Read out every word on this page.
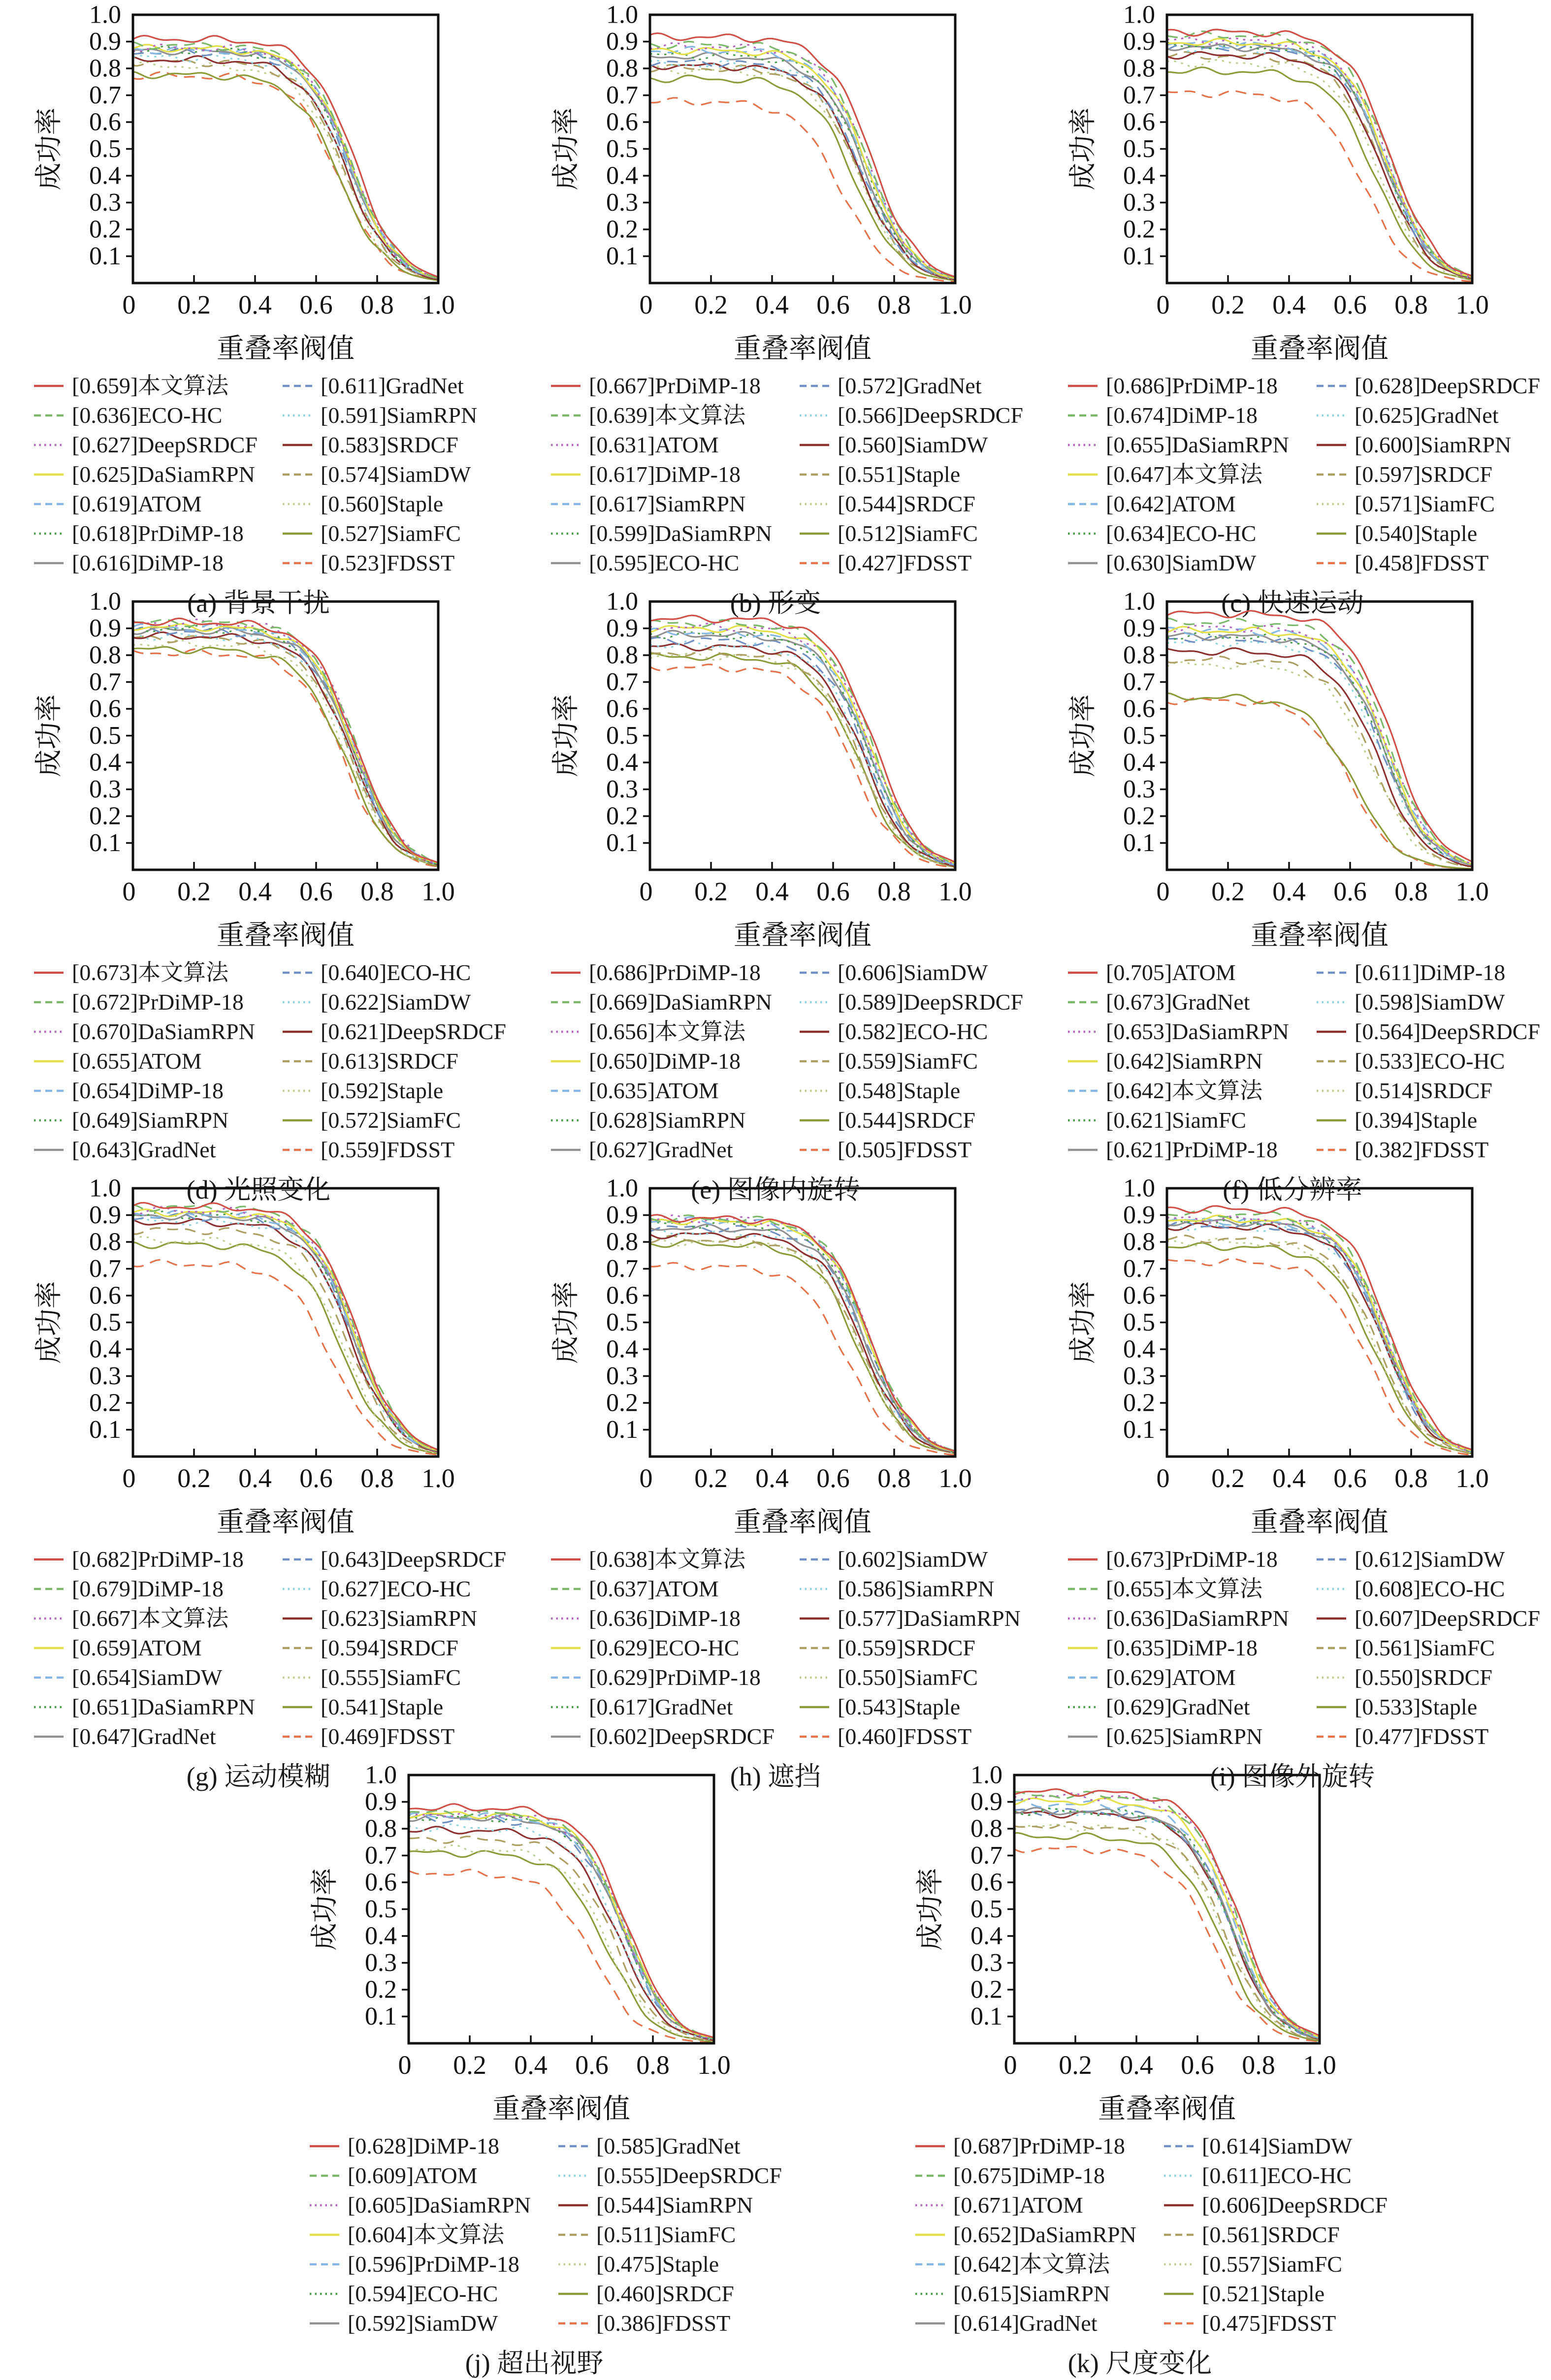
0.1
0.2
0.3
0.4
0.5
0.6
0.7
0.8
0.9
1.0
0 0.2 0.4 0.6 0.8 1.0
成功率
重叠率阀值
[0.659]本文算法
[0.636]ECO-HC
[0.627]DeepSRDCF
[0.625]DaSiamRPN
[0.619]ATOM
[0.618]PrDiMP-18
[0.616]DiMP-18
[0.611]GradNet
[0.591]SiamRPN
[0.583]SRDCF
[0.574]SiamDW
[0.560]Staple
[0.527]SiamFC
[0.523]FDSST
(a) 背景干扰
0.1
0.2
0.3
0.4
0.5
0.6
0.7
0.8
0.9
1.0
0 0.2 0.4 0.6 0.8 1.0
成功率
重叠率阀值
[0.667]PrDiMP-18
[0.639]本文算法
[0.631]ATOM
[0.617]DiMP-18
[0.617]SiamRPN
[0.599]DaSiamRPN
[0.595]ECO-HC
[0.572]GradNet
[0.566]DeepSRDCF
[0.560]SiamDW
[0.551]Staple
[0.544]SRDCF
[0.512]SiamFC
[0.427]FDSST
(b) 形变
0.1
0.2
0.3
0.4
0.5
0.6
0.7
0.8
0.9
1.0
0 0.2 0.4 0.6 0.8 1.0
成功率
重叠率阀值
[0.686]PrDiMP-18
[0.674]DiMP-18
[0.655]DaSiamRPN
[0.647]本文算法
[0.642]ATOM
[0.634]ECO-HC
[0.630]SiamDW
[0.628]DeepSRDCF
[0.625]GradNet
[0.600]SiamRPN
[0.597]SRDCF
[0.571]SiamFC
[0.540]Staple
[0.458]FDSST
(c) 快速运动
0.1
0.2
0.3
0.4
0.5
0.6
0.7
0.8
0.9
1.0
0 0.2 0.4 0.6 0.8 1.0
成功率
重叠率阀值
[0.673]本文算法
[0.672]PrDiMP-18
[0.670]DaSiamRPN
[0.655]ATOM
[0.654]DiMP-18
[0.649]SiamRPN
[0.643]GradNet
[0.640]ECO-HC
[0.622]SiamDW
[0.621]DeepSRDCF
[0.613]SRDCF
[0.592]Staple
[0.572]SiamFC
[0.559]FDSST
(d) 光照变化
0.1
0.2
0.3
0.4
0.5
0.6
0.7
0.8
0.9
1.0
0 0.2 0.4 0.6 0.8 1.0
成功率
重叠率阀值
[0.686]PrDiMP-18
[0.669]DaSiamRPN
[0.656]本文算法
[0.650]DiMP-18
[0.635]ATOM
[0.628]SiamRPN
[0.627]GradNet
[0.606]SiamDW
[0.589]DeepSRDCF
[0.582]ECO-HC
[0.559]SiamFC
[0.548]Staple
[0.544]SRDCF
[0.505]FDSST
(e) 图像内旋转
0.1
0.2
0.3
0.4
0.5
0.6
0.7
0.8
0.9
1.0
0 0.2 0.4 0.6 0.8 1.0
成功率
重叠率阀值
[0.705]ATOM
[0.673]GradNet
[0.653]DaSiamRPN
[0.642]SiamRPN
[0.642]本文算法
[0.621]SiamFC
[0.621]PrDiMP-18
[0.611]DiMP-18
[0.598]SiamDW
[0.564]DeepSRDCF
[0.533]ECO-HC
[0.514]SRDCF
[0.394]Staple
[0.382]FDSST
(f) 低分辨率
0.1
0.2
0.3
0.4
0.5
0.6
0.7
0.8
0.9
1.0
0 0.2 0.4 0.6 0.8 1.0
成功率
重叠率阀值
[0.682]PrDiMP-18
[0.679]DiMP-18
[0.667]本文算法
[0.659]ATOM
[0.654]SiamDW
[0.651]DaSiamRPN
[0.647]GradNet
[0.643]DeepSRDCF
[0.627]ECO-HC
[0.623]SiamRPN
[0.594]SRDCF
[0.555]SiamFC
[0.541]Staple
[0.469]FDSST
(g) 运动模糊
0.1
0.2
0.3
0.4
0.5
0.6
0.7
0.8
0.9
1.0
0 0.2 0.4 0.6 0.8 1.0
成功率
重叠率阀值
[0.638]本文算法
[0.637]ATOM
[0.636]DiMP-18
[0.629]ECO-HC
[0.629]PrDiMP-18
[0.617]GradNet
[0.602]DeepSRDCF
[0.602]SiamDW
[0.586]SiamRPN
[0.577]DaSiamRPN
[0.559]SRDCF
[0.550]SiamFC
[0.543]Staple
[0.460]FDSST
(h) 遮挡
0.1
0.2
0.3
0.4
0.5
0.6
0.7
0.8
0.9
1.0
0 0.2 0.4 0.6 0.8 1.0
成功率
重叠率阀值
[0.673]PrDiMP-18
[0.655]本文算法
[0.636]DaSiamRPN
[0.635]DiMP-18
[0.629]ATOM
[0.629]GradNet
[0.625]SiamRPN
[0.612]SiamDW
[0.608]ECO-HC
[0.607]DeepSRDCF
[0.561]SiamFC
[0.550]SRDCF
[0.533]Staple
[0.477]FDSST
(i) 图像外旋转
0.1
0.2
0.3
0.4
0.5
0.6
0.7
0.8
0.9
1.0
0 0.2 0.4 0.6 0.8 1.0
成功率
重叠率阀值
[0.628]DiMP-18
[0.609]ATOM
[0.605]DaSiamRPN
[0.604]本文算法
[0.596]PrDiMP-18
[0.594]ECO-HC
[0.592]SiamDW
[0.585]GradNet
[0.555]DeepSRDCF
[0.544]SiamRPN
[0.511]SiamFC
[0.475]Staple
[0.460]SRDCF
[0.386]FDSST
(j) 超出视野
0.1
0.2
0.3
0.4
0.5
0.6
0.7
0.8
0.9
1.0
0 0.2 0.4 0.6 0.8 1.0
成功率
重叠率阀值
[0.687]PrDiMP-18
[0.675]DiMP-18
[0.671]ATOM
[0.652]DaSiamRPN
[0.642]本文算法
[0.615]SiamRPN
[0.614]GradNet
[0.614]SiamDW
[0.611]ECO-HC
[0.606]DeepSRDCF
[0.561]SRDCF
[0.557]SiamFC
[0.521]Staple
[0.475]FDSST
(k) 尺度变化
